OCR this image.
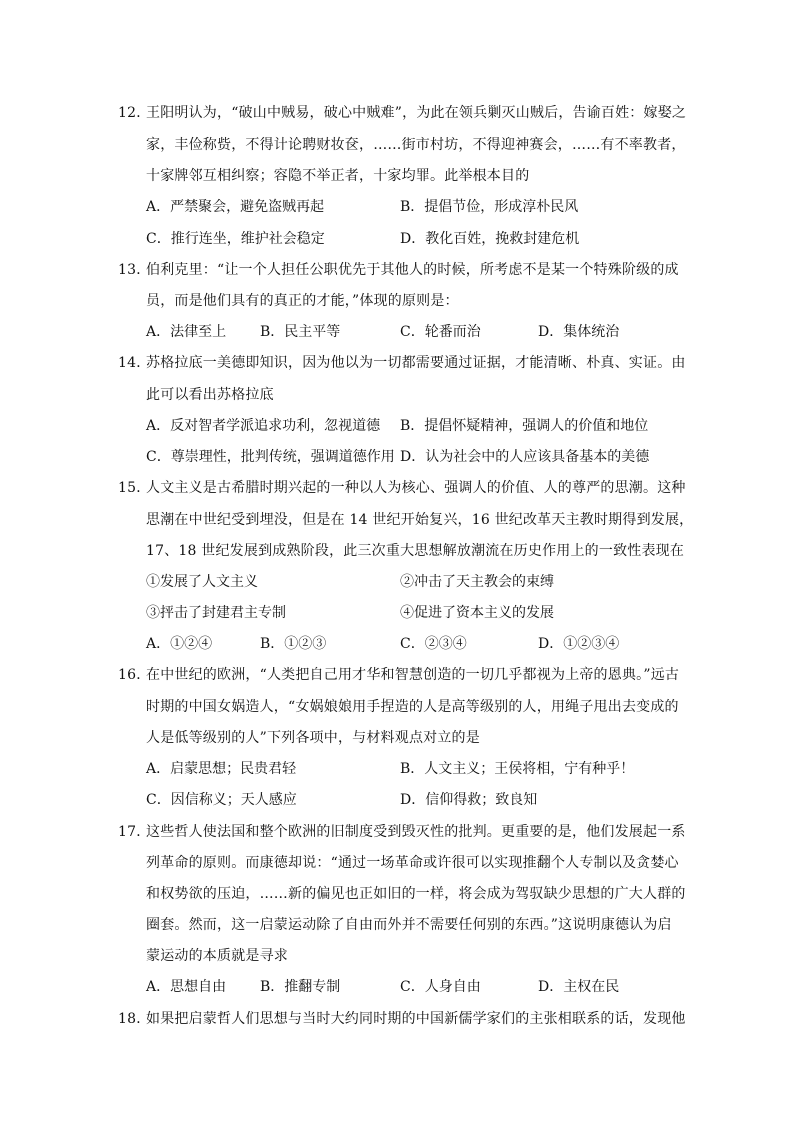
12．
王阳明认为，“破山中贼易，破心中贼难”，为此在领兵剿灭山贼后，告谕百姓：嫁娶之
家，丰俭称赀，不得计论聘财妆奁，……街市村坊，不得迎神赛会，……有不率教者，
十家牌邻互相纠察；容隐不举正者，十家均罪。此举根本目的
A．严禁聚会，避免盗贼再起	B．提倡节俭，形成淳朴民风
C．推行连坐，维护社会稳定	D．教化百姓，挽救封建危机
13．
伯利克里：“让一个人担任公职优先于其他人的时候，所考虑不是某一个特殊阶级的成
员，而是他们具有的真正的才能，”体现的原则是：
A．法律至上 B．民主平等	C．轮番而治	D．集体统治
14．
苏格拉底一美德即知识，因为他以为一切都需要通过证据，才能清晰、朴真、实证。由
此可以看出苏格拉底
A．反对智者学派追求功利，忽视道德 B．提倡怀疑精神，强调人的价值和地位
C．尊崇理性，批判传统，强调道德作用 D．认为社会中的人应该具备基本的美德
15．
人文主义是古希腊时期兴起的一种以人为核心、强调人的价值、人的尊严的思潮。这种
思潮在中世纪受到埋没，但是在 14 世纪开始复兴，16 世纪改革天主教时期得到发展，
17、18 世纪发展到成熟阶段，此三次重大思想解放潮流在历史作用上的一致性表现在
①发展了人文主义	②冲击了天主教会的束缚
③抨击了封建君主专制	④促进了资本主义的发展
A．①②④	B．①②③	C．②③④	D．①②③④
16．
在中世纪的欧洲，“人类把自己用才华和智慧创造的一切几乎都视为上帝的恩典。”远古
时期的中国女娲造人，“女娲娘娘用手捏造的人是高等级别的人，用绳子甩出去变成的
人是低等级别的人”下列各项中，与材料观点对立的是
A．启蒙思想；民贵君轻	B．人文主义；王侯将相，宁有种乎！
C．因信称义；天人感应	D．信仰得救；致良知
17．
这些哲人使法国和整个欧洲的旧制度受到毁灭性的批判。更重要的是，他们发展起一系
列革命的原则。而康德却说：“通过一场革命或许很可以实现推翻个人专制以及贪婪心
和权势欲的压迫，……新的偏见也正如旧的一样，将会成为驾驭缺少思想的广大人群的
圈套。然而，这一启蒙运动除了自由而外并不需要任何别的东西。”这说明康德认为启
蒙运动的本质就是寻求
A．思想自由 B．推翻专制	C．人身自由	D．主权在民
18．
如果把启蒙哲人们思想与当时大约同时期的中国新儒学家们的主张相联系的话，发现他
